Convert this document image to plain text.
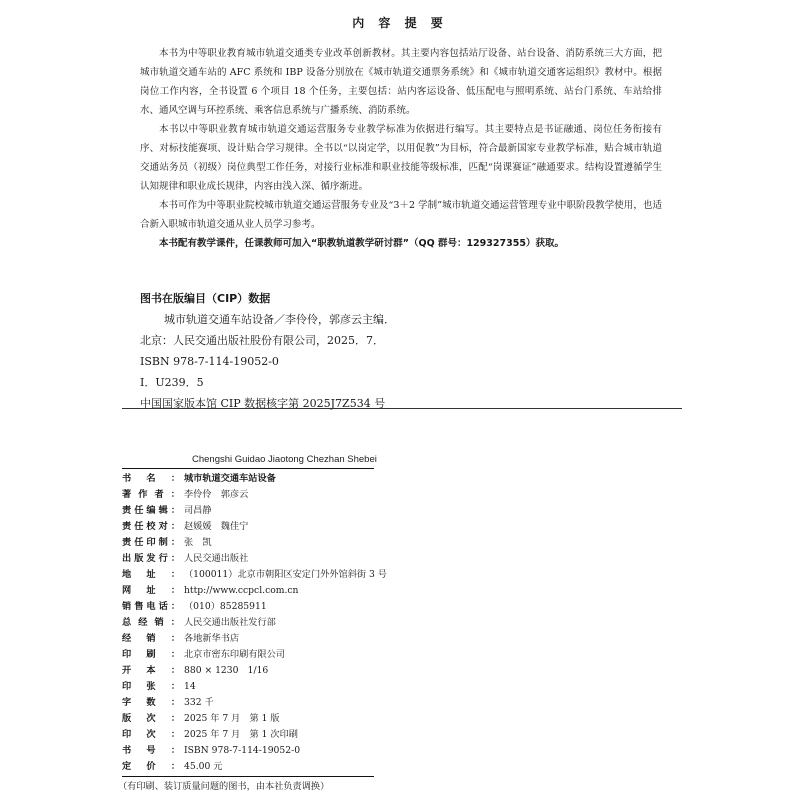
内 容 提 要

本书为中等职业教育城市轨道交通类专业改革创新教材。其主要内容包括站厅设备、站台设备、消防系统三大方面，把城市轨道交通车站的 AFC 系统和 IBP 设备分别放在《城市轨道交通票务系统》和《城市轨道交通客运组织》教材中。根据岗位工作内容，全书设置 6 个项目 18 个任务，主要包括：站内客运设备、低压配电与照明系统、站台门系统、车站给排水、通风空调与环控系统、乘客信息系统与广播系统、消防系统。

本书以中等职业教育城市轨道交通运营服务专业教学标准为依据进行编写。其主要特点是书证融通、岗位任务衔接有序、对标技能赛项、设计贴合学习规律。全书以“以岗定学，以用促教”为目标，符合最新国家专业教学标准，贴合城市轨道交通站务员（初级）岗位典型工作任务，对接行业标准和职业技能等级标准，匹配“岗课赛证”融通要求。结构设置遵循学生认知规律和职业成长规律，内容由浅入深、循序渐进。

本书可作为中等职业院校城市轨道交通运营服务专业及“3＋2 学制”城市轨道交通运营管理专业中职阶段教学使用，也适合新入职城市轨道交通从业人员学习参考。

本书配有教学课件，任课教师可加入“职教轨道教学研讨群”（QQ 群号：129327355）获取。

图书在版编目（CIP）数据
城市轨道交通车站设备／李伶伶，郭彦云主编．
北京：人民交通出版社股份有限公司，2025．7．
ISBN 978-7-114-19052-0
Ⅰ．U239．5
中国国家版本馆 CIP 数据核字第 2025J7Z534 号
Chengshi Guidao Jiaotong Chezhan Shebei
书 名 ： 城市轨道交通车站设备
著 作 者 ： 李伶伶　郭彦云
责 任 编 辑 ： 司昌静
责 任 校 对 ： 赵媛媛　魏佳宁
责 任 印 制 ： 张　凯
出 版 发 行 ： 人民交通出版社
地 址 ： （100011）北京市朝阳区安定门外外馆斜街 3 号
网 址 ： http://www.ccpcl.com.cn
销 售 电 话 ： （010）85285911
总 经 销 ： 人民交通出版社发行部
经 销 ： 各地新华书店
印 刷 ： 北京市密东印刷有限公司
开 本 ： 880 × 1230　1/16
印 张 ： 14
字 数 ： 332 千
版 次 ： 2025 年 7 月　第 1 版
印 次 ： 2025 年 7 月　第 1 次印刷
书 号 ： ISBN 978-7-114-19052-0
定 价 ： 45.00 元
（有印刷、装订质量问题的图书，由本社负责调换）
